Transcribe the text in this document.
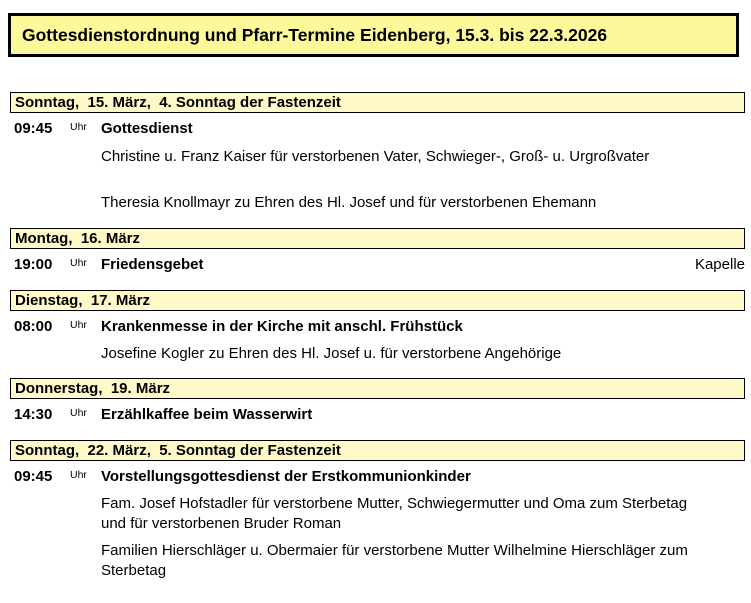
Gottesdienstordnung und Pfarr-Termine Eidenberg, 15.3. bis 22.3.2026
Sonntag,  15. März,  4. Sonntag der Fastenzeit
09:45 Uhr Gottesdienst
Christine u. Franz Kaiser für verstorbenen Vater, Schwieger-, Groß- u. Urgroßvater
Theresia Knollmayr zu Ehren des Hl. Josef und für verstorbenen Ehemann
Montag,  16. März
19:00 Uhr Friedensgebet	Kapelle
Dienstag,  17. März
08:00 Uhr Krankenmesse in der Kirche mit anschl. Frühstück
Josefine Kogler zu Ehren des Hl. Josef u. für verstorbene Angehörige
Donnerstag,  19. März
14:30 Uhr Erzählkaffee beim Wasserwirt
Sonntag,  22. März,  5. Sonntag der Fastenzeit
09:45 Uhr Vorstellungsgottesdienst der Erstkommunionkinder
Fam. Josef Hofstadler für verstorbene Mutter, Schwiegermutter und Oma zum Sterbetag und für verstorbenen Bruder Roman
Familien Hierschläger u. Obermaier für verstorbene Mutter Wilhelmine Hierschläger zum Sterbetag
